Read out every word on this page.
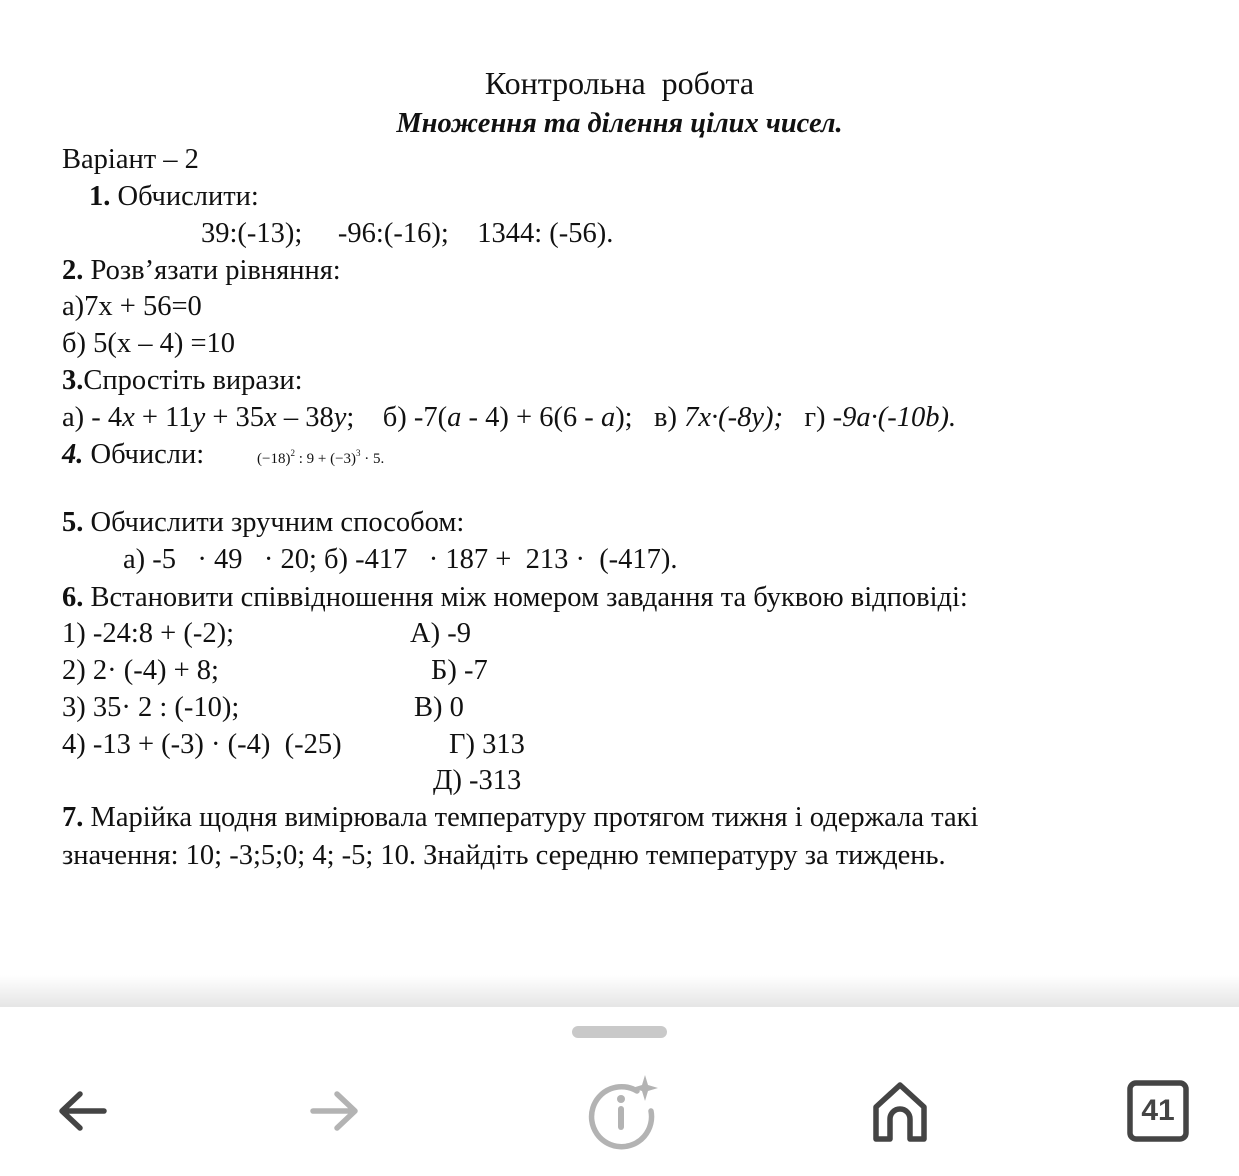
Контрольна  робота
Множення та ділення цілих чисел.
Варіант – 2
1. Обчислити:
39:(-13);     -96:(-16);    1344: (-56).
2. Розв’язати рівняння:
а)7х + 56=0
б) 5(х – 4) =10
3.Спростіть вирази:
а) - 4x + 11y + 35x – 38y;    б) -7(a - 4) + 6(6 - a);   в) 7x·(-8y);   г) -9a·(-10b).
4. Обчисли:	$(-18)^2$ : $9 + (-3)^3 \cdot 5$.
5. Обчислити зручним способом:
а) -5   · 49   · 20; б) -417   · 187 +  213 ·  (-417).
6. Встановити співвідношення між номером завдання та буквою відповіді:
1) -24:8 + (-2);
2) 2· (-4) + 8;
3) 35· 2 : (-10);
4) -13 + (-3) · (-4)  (-25)
А) -9
Б) -7
В) 0
Г) 313
Д) -313
7. Марійка щодня вимірювала температуру протягом тижня і одержала такі
значення: 10; -3;5;0; 4; -5; 10. Знайдіть середню температуру за тиждень.
41
